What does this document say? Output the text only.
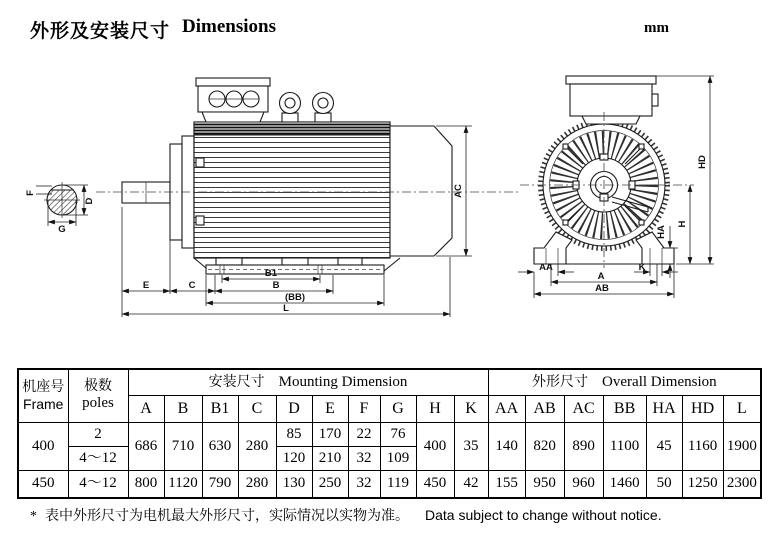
外形及安装尺寸 Dimensions	mm
F
D
G
B1
E	C	B
(BB)
L
AC
AA	K
A
AB
HD
H
HA
机座号
Frame

极数
poles
	安装尺寸 Mounting Dimension	外形尺寸 Overall Dimension
		A	B	B1	C	D	E	F	G	H	K	AA	AB	AC	BB	HA	HD	L
400	2	686	710	630	280	85	170	22	76	400	35	140	820	890	1100	45	1160	1900
	4～12					120	210	32	109									
450	4～12	800	1120	790	280	130	250	32	119	450	42	155	950	960	1460	50	1250	2300
* 表中外形尺寸为电机最大外形尺寸，实际情况以实物为准。 Data subject to change without notice.
